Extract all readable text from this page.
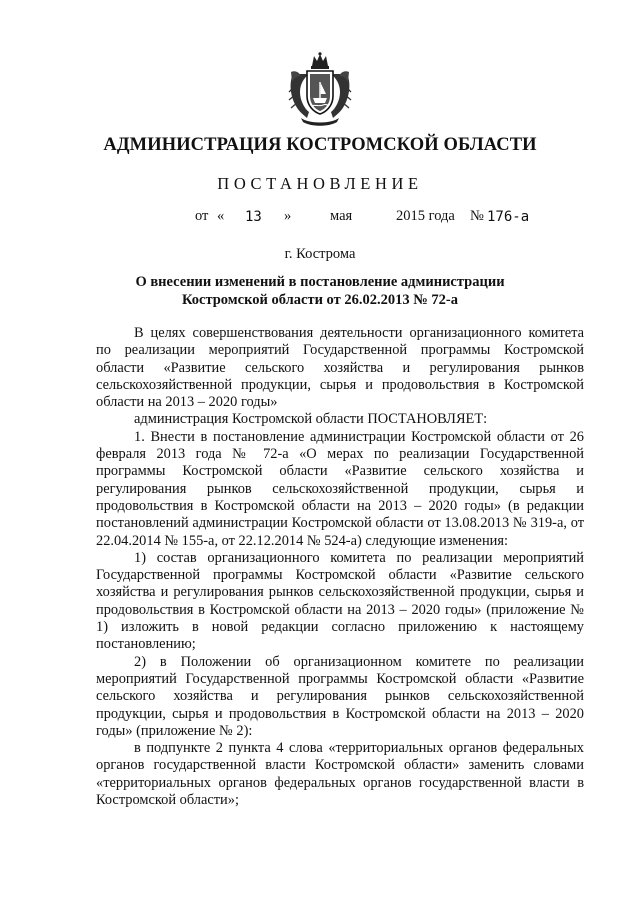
АДМИНИСТРАЦИЯ КОСТРОМСКОЙ ОБЛАСТИ
ПОСТАНОВЛЕНИЕ
от « 13 »	мая	2015 года № 176-а
г. Кострома
О внесении изменений в постановление администрации
Костромской области от 26.02.2013 № 72-а

В целях совершенствования деятельности организационного комитета по реализации мероприятий Государственной программы Костромской области «Развитие сельского хозяйства и регулирования рынков сельскохозяйственной продукции, сырья и продовольствия в Костромской области на 2013 – 2020 годы»

администрация Костромской области ПОСТАНОВЛЯЕТ:

1. Внести в постановление администрации Костромской области от 26 февраля 2013 года № 72-а «О мерах по реализации Государственной программы Костромской области «Развитие сельского хозяйства и регулирования рынков сельскохозяйственной продукции, сырья и продовольствия в Костромской области на 2013 – 2020 годы» (в редакции постановлений администрации Костромской области от 13.08.2013 № 319-а, от 22.04.2014 № 155-а, от 22.12.2014 № 524-а) следующие изменения:

1) состав организационного комитета по реализации мероприятий Государственной программы Костромской области «Развитие сельского хозяйства и регулирования рынков сельскохозяйственной продукции, сырья и продовольствия в Костромской области на 2013 – 2020 годы» (приложение № 1) изложить в новой редакции согласно приложению к настоящему постановлению;

2) в Положении об организационном комитете по реализации мероприятий Государственной программы Костромской области «Развитие сельского хозяйства и регулирования рынков сельскохозяйственной продукции, сырья и продовольствия в Костромской области на 2013 – 2020 годы» (приложение № 2):

в подпункте 2 пункта 4 слова «территориальных органов федеральных органов государственной власти Костромской области» заменить словами «территориальных органов федеральных органов государственной власти в Костромской области»;
